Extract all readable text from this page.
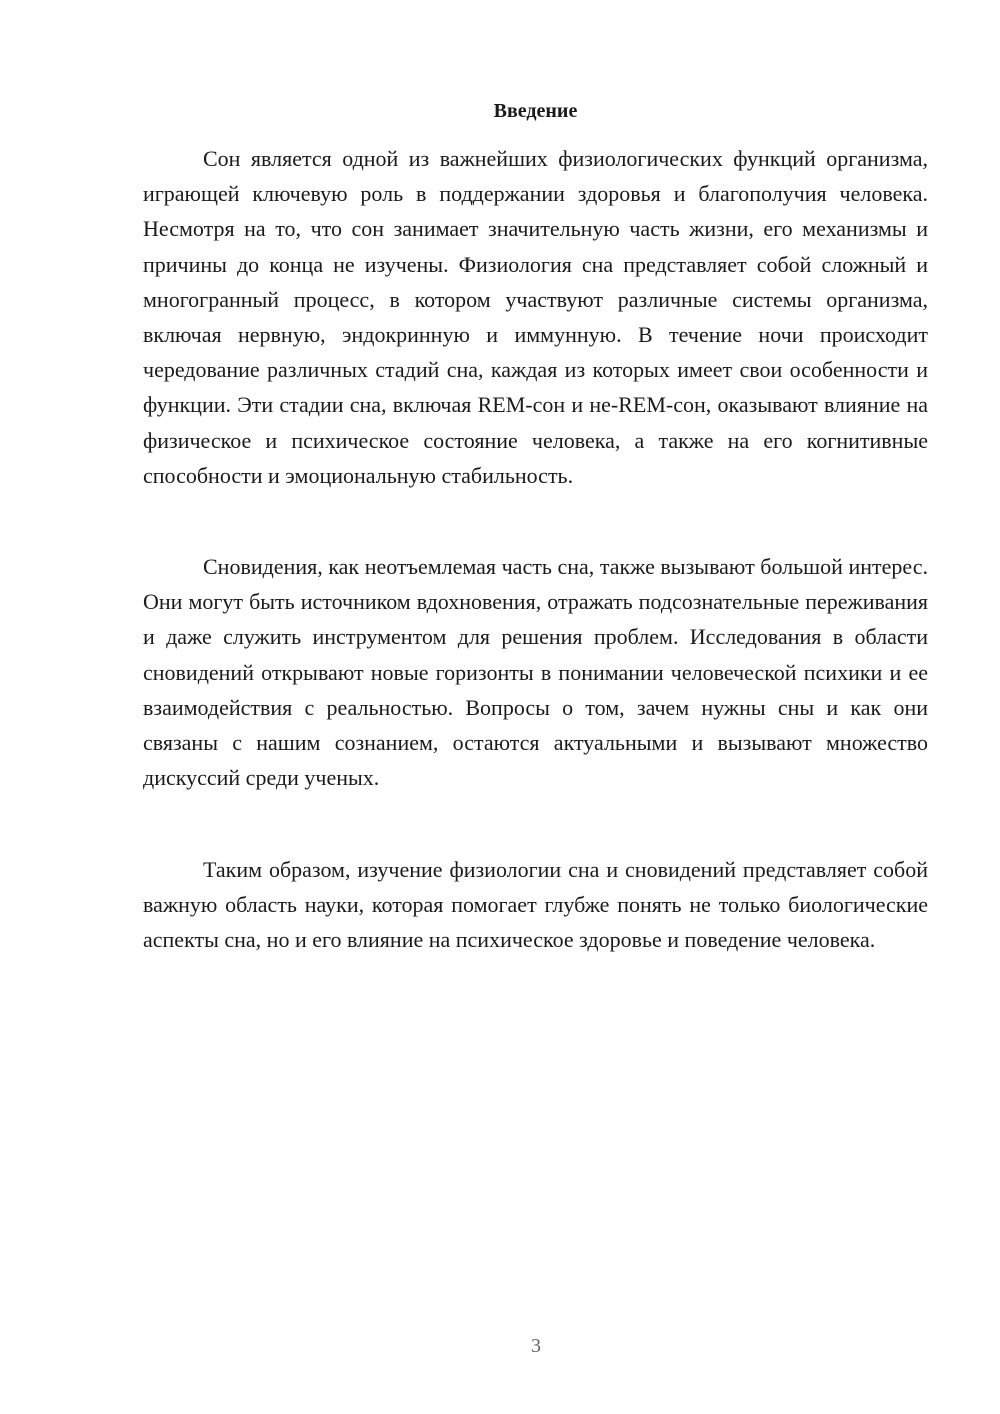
Введение

Сон является одной из важнейших физиологических функций организма, играющей ключевую роль в поддержании здоровья и благополучия человека. Несмотря на то, что сон занимает значительную часть жизни, его механизмы и причины до конца не изучены. Физиология сна представляет собой сложный и многогранный процесс, в котором участвуют различные системы организма, включая нервную, эндокринную и иммунную. В течение ночи происходит чередование различных стадий сна, каждая из которых имеет свои особенности и функции. Эти стадии сна, включая REM-сон и не-REM-сон, оказывают влияние на физическое и психическое состояние человека, а также на его когнитивные способности и эмоциональную стабильность.

Сновидения, как неотъемлемая часть сна, также вызывают большой интерес. Они могут быть источником вдохновения, отражать подсознательные переживания и даже служить инструментом для решения проблем. Исследования в области сновидений открывают новые горизонты в понимании человеческой психики и ее взаимодействия с реальностью. Вопросы о том, зачем нужны сны и как они связаны с нашим сознанием, остаются актуальными и вызывают множество дискуссий среди ученых.

Таким образом, изучение физиологии сна и сновидений представляет собой важную область науки, которая помогает глубже понять не только биологические аспекты сна, но и его влияние на психическое здоровье и поведение человека.

3
